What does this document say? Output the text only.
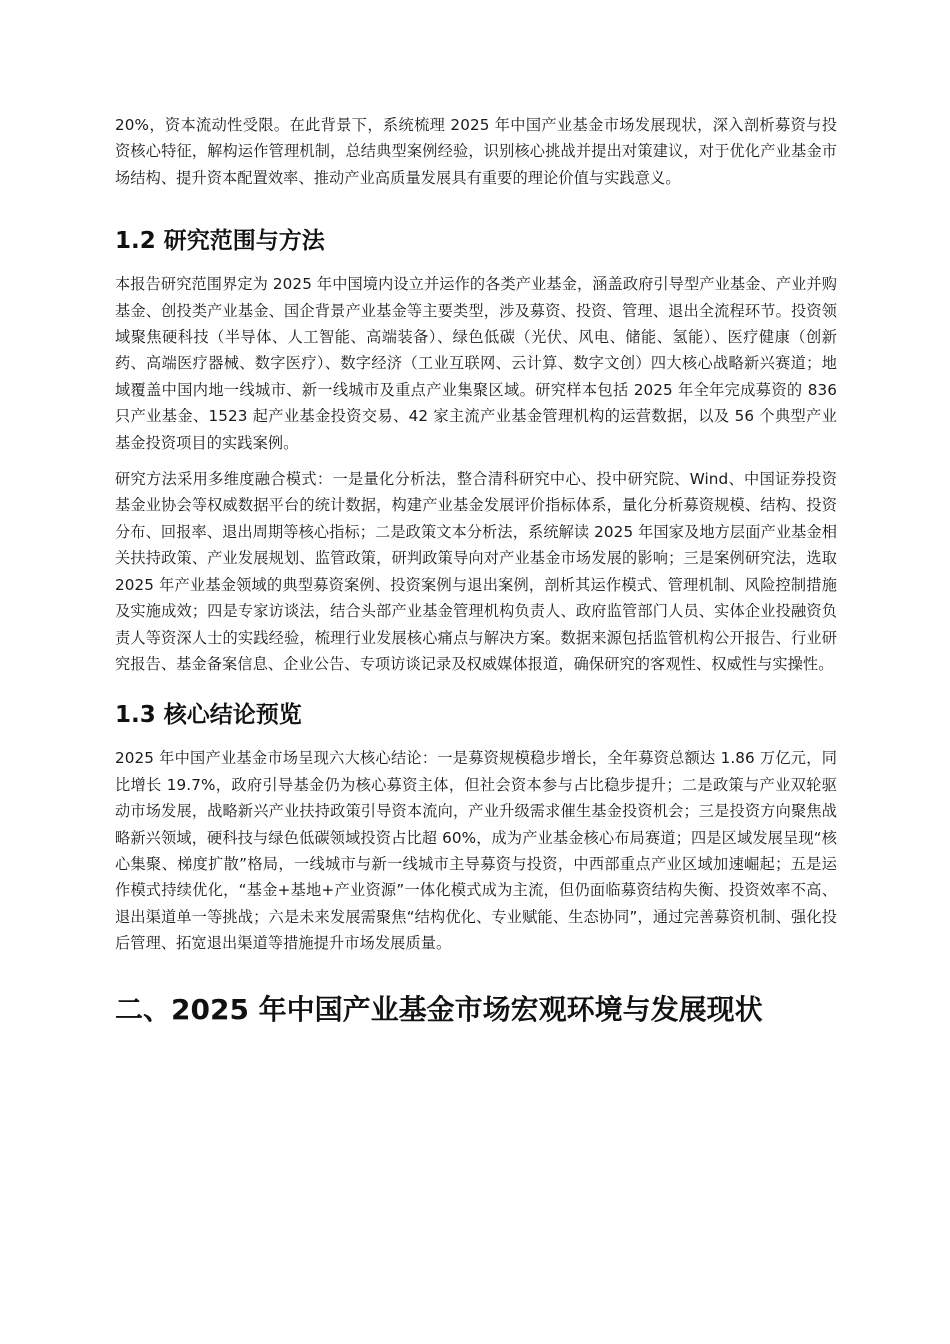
20%，资本流动性受限。在此背景下，系统梳理 2025 年中国产业基金市场发展现状，深入剖析募资与投资核心特征，解构运作管理机制，总结典型案例经验，识别核心挑战并提出对策建议，对于优化产业基金市场结构、提升资本配置效率、推动产业高质量发展具有重要的理论价值与实践意义。

1.2 研究范围与方法

本报告研究范围界定为 2025 年中国境内设立并运作的各类产业基金，涵盖政府引导型产业基金、产业并购基金、创投类产业基金、国企背景产业基金等主要类型，涉及募资、投资、管理、退出全流程环节。投资领域聚焦硬科技（半导体、人工智能、高端装备）、绿色低碳（光伏、风电、储能、氢能）、医疗健康（创新药、高端医疗器械、数字医疗）、数字经济（工业互联网、云计算、数字文创）四大核心战略新兴赛道；地域覆盖中国内地一线城市、新一线城市及重点产业集聚区域。研究样本包括 2025 年全年完成募资的 836 只产业基金、1523 起产业基金投资交易、42 家主流产业基金管理机构的运营数据，以及 56 个典型产业基金投资项目的实践案例。

研究方法采用多维度融合模式：一是量化分析法，整合清科研究中心、投中研究院、Wind、中国证券投资基金业协会等权威数据平台的统计数据，构建产业基金发展评价指标体系，量化分析募资规模、结构、投资分布、回报率、退出周期等核心指标；二是政策文本分析法，系统解读 2025 年国家及地方层面产业基金相关扶持政策、产业发展规划、监管政策，研判政策导向对产业基金市场发展的影响；三是案例研究法，选取 2025 年产业基金领域的典型募资案例、投资案例与退出案例，剖析其运作模式、管理机制、风险控制措施及实施成效；四是专家访谈法，结合头部产业基金管理机构负责人、政府监管部门人员、实体企业投融资负责人等资深人士的实践经验，梳理行业发展核心痛点与解决方案。数据来源包括监管机构公开报告、行业研究报告、基金备案信息、企业公告、专项访谈记录及权威媒体报道，确保研究的客观性、权威性与实操性。

1.3 核心结论预览

2025 年中国产业基金市场呈现六大核心结论：一是募资规模稳步增长，全年募资总额达 1.86 万亿元，同比增长 19.7%，政府引导基金仍为核心募资主体，但社会资本参与占比稳步提升；二是政策与产业双轮驱动市场发展，战略新兴产业扶持政策引导资本流向，产业升级需求催生基金投资机会；三是投资方向聚焦战略新兴领域，硬科技与绿色低碳领域投资占比超 60%，成为产业基金核心布局赛道；四是区域发展呈现“核心集聚、梯度扩散”格局，一线城市与新一线城市主导募资与投资，中西部重点产业区域加速崛起；五是运作模式持续优化，“基金+基地+产业资源”一体化模式成为主流，但仍面临募资结构失衡、投资效率不高、退出渠道单一等挑战；六是未来发展需聚焦“结构优化、专业赋能、生态协同”，通过完善募资机制、强化投后管理、拓宽退出渠道等措施提升市场发展质量。

二、2025 年中国产业基金市场宏观环境与发展现状
